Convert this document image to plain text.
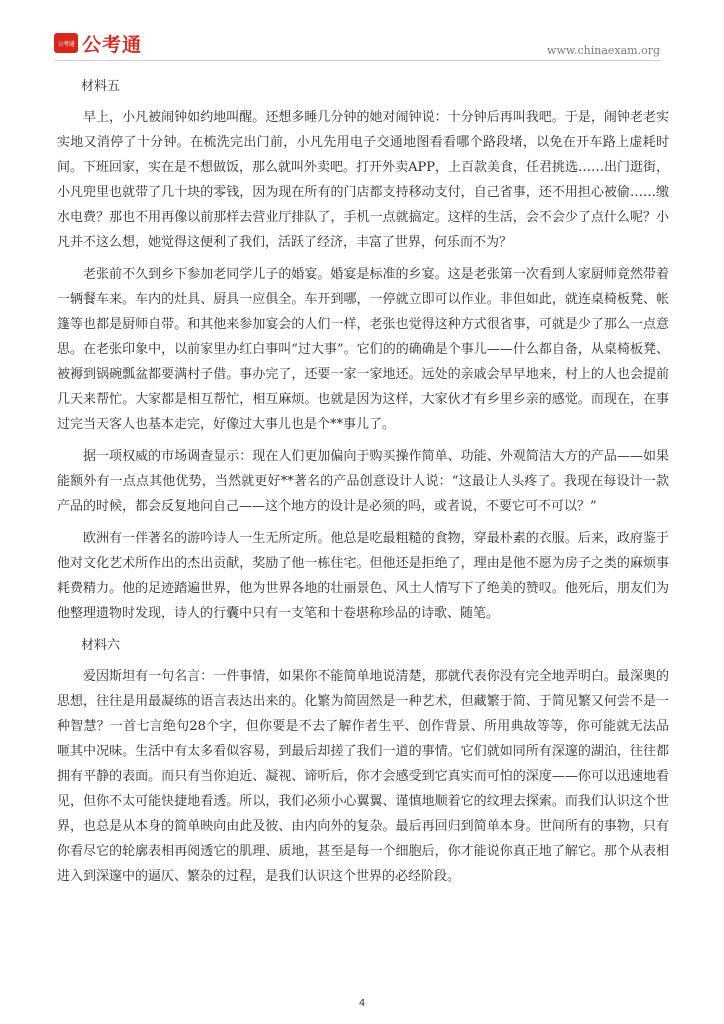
公考通 公考通	www.chinaexam.org

材料五

早上，小凡被闹钟如约地叫醒。还想多睡几分钟的她对闹钟说：十分钟后再叫我吧。于是，闹钟老老实实地又消停了十分钟。在梳洗完出门前，小凡先用电子交通地图看看哪个路段堵，以免在开车路上虚耗时间。下班回家，实在是不想做饭，那么就叫外卖吧。打开外卖APP，上百款美食，任君挑选……出门逛街，小凡兜里也就带了几十块的零钱，因为现在所有的门店都支持移动支付，自己省事，还不用担心被偷……缴水电费？那也不用再像以前那样去营业厅排队了，手机一点就搞定。这样的生活，会不会少了点什么呢？小凡并不这么想，她觉得这便利了我们，活跃了经济，丰富了世界，何乐而不为？

老张前不久到乡下参加老同学儿子的婚宴。婚宴是标准的乡宴。这是老张第一次看到人家厨师竟然带着一辆餐车来。车内的灶具、厨具一应俱全。车开到哪，一停就立即可以作业。非但如此，就连桌椅板凳、帐篷等也都是厨师自带。和其他来参加宴会的人们一样，老张也觉得这种方式很省事，可就是少了那么一点意思。在老张印象中，以前家里办红白事叫“过大事”。它们的的确确是个事儿——什么都自备，从桌椅板凳、被褥到锅碗瓢盆都要满村子借。事办完了，还要一家一家地还。远处的亲戚会早早地来，村上的人也会提前几天来帮忙。大家都是相互帮忙，相互麻烦。也就是因为这样，大家伙才有乡里乡亲的感觉。而现在，在事过完当天客人也基本走完，好像过大事儿也是个**事儿了。

据一项权威的市场调查显示：现在人们更加偏向于购买操作简单、功能、外观简洁大方的产品——如果能额外有一点点其他优势，当然就更好**著名的产品创意设计人说：“这最让人头疼了。我现在每设计一款产品的时候，都会反复地问自己——这个地方的设计是必须的吗，或者说，不要它可不可以？”

欧洲有一伴著名的游吟诗人一生无所定所。他总是吃最粗糙的食物，穿最朴素的衣服。后来，政府鉴于他对文化艺术所作出的杰出贡献，奖励了他一栋住宅。但他还是拒绝了，理由是他不愿为房子之类的麻烦事耗费精力。他的足迹踏遍世界，他为世界各地的壮丽景色、风土人情写下了绝美的赞叹。他死后，朋友们为他整理遗物时发现，诗人的行囊中只有一支笔和十卷堪称珍品的诗歌、随笔。

材料六

爱因斯坦有一句名言：一件事情，如果你不能简单地说清楚，那就代表你没有完全地弄明白。最深奥的思想，往往是用最凝练的语言表达出来的。化繁为简固然是一种艺术，但藏繁于简、于简见繁又何尝不是一种智慧？一首七言绝句28个字，但你要是不去了解作者生平、创作背景、所用典故等等，你可能就无法品咂其中况味。生活中有太多看似容易，到最后却搓了我们一道的事情。它们就如同所有深邃的湖泊，往往都拥有平静的表面。而只有当你迫近、凝视、谛听后，你才会感受到它真实而可怕的深度——你可以迅速地看见，但你不太可能快捷地看透。所以，我们必须小心翼翼、谨慎地顺着它的纹理去探索。而我们认识这个世界，也总是从本身的简单映向由此及彼、由内向外的复杂。最后再回归到简单本身。世间所有的事物，只有你看尽它的轮廓表相再阅透它的肌理、质地，甚至是每一个细胞后，你才能说你真正地了解它。那个从表相进入到深邃中的逼仄、繁杂的过程，是我们认识这个世界的必经阶段。

4
